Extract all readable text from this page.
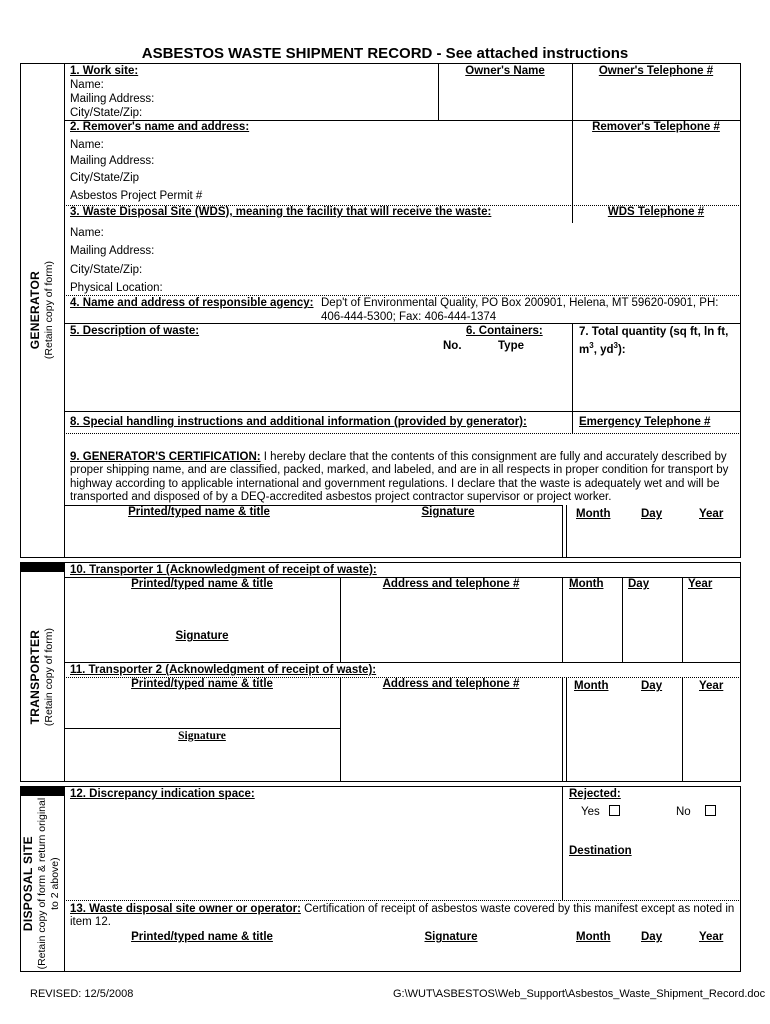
ASBESTOS WASTE SHIPMENT RECORD - See attached instructions
GENERATOR (Retain copy of form)
1. Work site:	Owner's Name	Owner's Telephone #
Name:
Mailing Address:
City/State/Zip:
2. Remover's name and address:	Remover's Telephone #
Name:
Mailing Address:
City/State/Zip
Asbestos Project Permit #
3. Waste Disposal Site (WDS), meaning the facility that will receive the waste:	WDS Telephone #
Name:
Mailing Address:
City/State/Zip:
Physical Location:
4. Name and address of responsible agency: Dep't of Environmental Quality, PO Box 200901, Helena, MT 59620-0901, PH:
406-444-5300; Fax: 406-444-1374
5. Description of waste:	6. Containers:
No.	Type
7. Total quantity (sq ft, ln ft,
$m^3$, $yd^3$):
8. Special handling instructions and additional information (provided by generator):	Emergency Telephone #
9. GENERATOR'S CERTIFICATION: I hereby declare that the contents of this consignment are fully and accurately described by
proper shipping name, and are classified, packed, marked, and labeled, and are in all respects in proper condition for transport by
highway according to applicable international and government regulations. I declare that the waste is adequately wet and will be
transported and disposed of by a DEQ-accredited asbestos project contractor supervisor or project worker.
Printed/typed name & title	Signature	Month	Day	Year
TRANSPORTER (Retain copy of form)
10. Transporter 1 (Acknowledgment of receipt of waste):
Printed/typed name & title	Address and telephone #	Month Day	Year
Signature
11. Transporter 2 (Acknowledgment of receipt of waste):
Printed/typed name & title	Address and telephone #	Month	Day	Year
Signature
DISPOSAL SITE (Retain copy of form & return original to 2 above)
12. Discrepancy indication space:	Rejected:
Yes	No
Destination
13. Waste disposal site owner or operator: Certification of receipt of asbestos waste covered by this manifest except as noted in
item 12.
Printed/typed name & title	Signature	Month	Day	Year
REVISED: 12/5/2008	G:\WUT\ASBESTOS\Web_Support\Asbestos_Waste_Shipment_Record.doc
